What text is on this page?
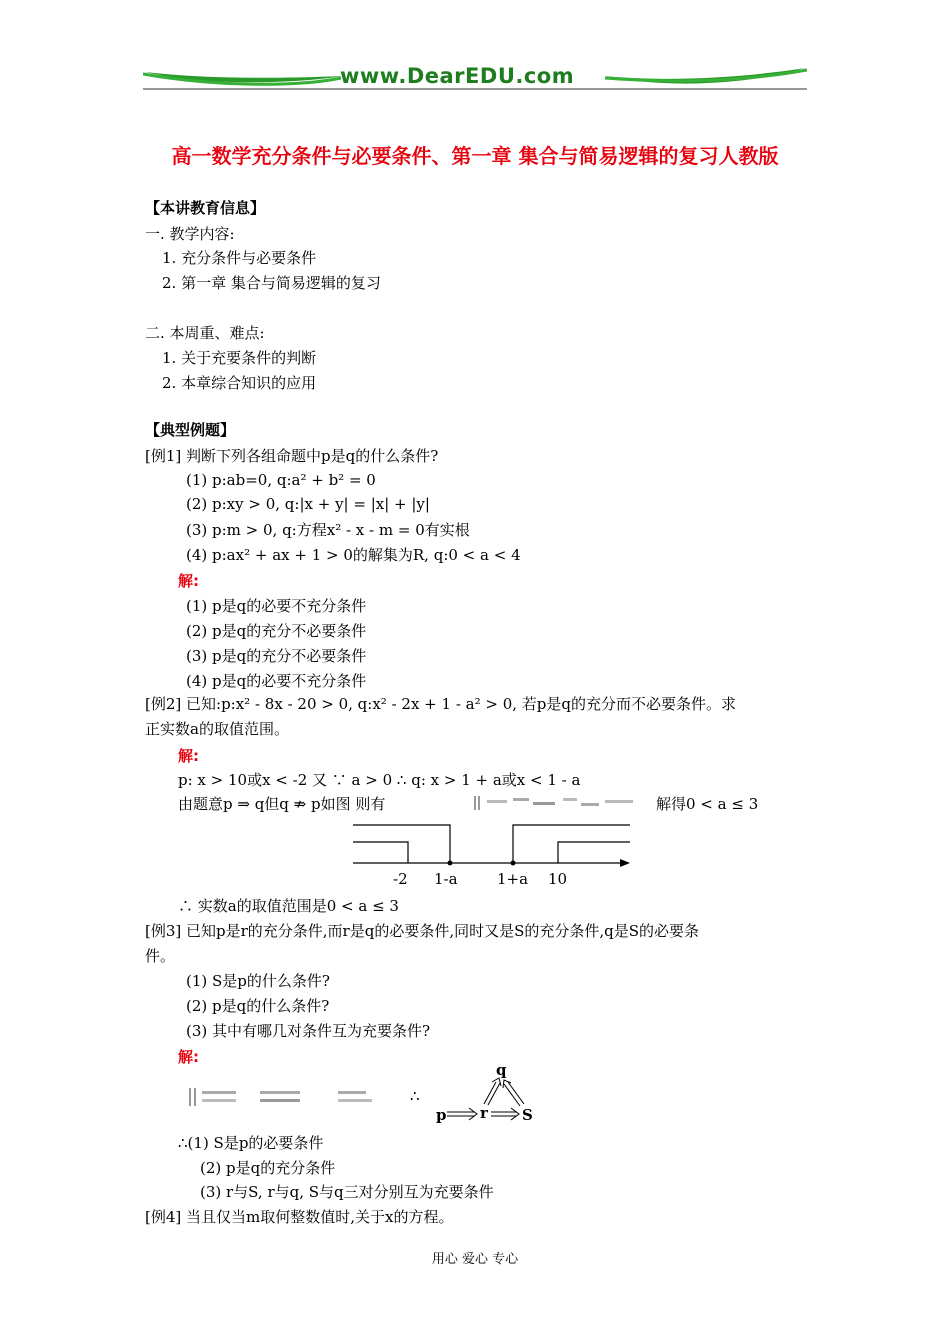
www.DearEDU.com
高一数学充分条件与必要条件、第一章 集合与简易逻辑的复习人教版
【本讲教育信息】
一. 教学内容:
1. 充分条件与必要条件
2. 第一章 集合与简易逻辑的复习
二. 本周重、难点:
1. 关于充要条件的判断
2. 本章综合知识的应用
【典型例题】
[例1] 判断下列各组命题中p是q的什么条件?
(1) p:ab=0, q:a² + b² = 0
(2) p:xy > 0, q:|x + y| = |x| + |y|
(3) p:m > 0, q:方程x² - x - m = 0有实根
(4) p:ax² + ax + 1 > 0的解集为R, q:0 < a < 4
解:
(1) p是q的必要不充分条件
(2) p是q的充分不必要条件
(3) p是q的充分不必要条件
(4) p是q的必要不充分条件
[例2] 已知:p:x² - 8x - 20 > 0, q:x² - 2x + 1 - a² > 0, 若p是q的充分而不必要条件。求
正实数a的取值范围。
解:
p: x > 10或x < -2 又 ∵ a > 0 ∴ q: x > 1 + a或x < 1 - a
由题意p ⇒ q但q ⇏ p如图 则有	解得0 < a ≤ 3
-2 1-a	1+a 10
∴ 实数a的取值范围是0 < a ≤ 3
[例3] 已知p是r的充分条件,而r是q的必要条件,同时又是S的充分条件,q是S的必要条
件。
(1) S是p的什么条件?
(2) p是q的什么条件?
(3) 其中有哪几对条件互为充要条件?
解:
∴
q
p r S
∴(1) S是p的必要条件
(2) p是q的充分条件
(3) r与S, r与q, S与q三对分别互为充要条件
[例4] 当且仅当m取何整数值时,关于x的方程。
用心 爱心 专心
